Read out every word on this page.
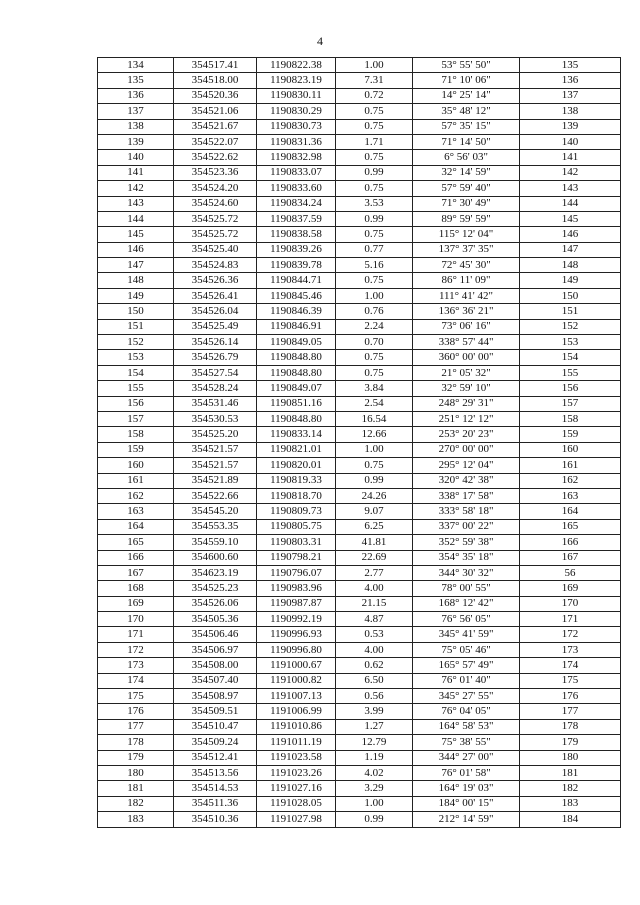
4
134	354517.41	1190822.38	1.00	53° 55' 50"	135
135	354518.00	1190823.19	7.31	71° 10' 06"	136
136	354520.36	1190830.11	0.72	14° 25' 14"	137
137	354521.06	1190830.29	0.75	35° 48' 12"	138
138	354521.67	1190830.73	0.75	57° 35' 15"	139
139	354522.07	1190831.36	1.71	71° 14' 50"	140
140	354522.62	1190832.98	0.75	6° 56' 03"	141
141	354523.36	1190833.07	0.99	32° 14' 59"	142
142	354524.20	1190833.60	0.75	57° 59' 40"	143
143	354524.60	1190834.24	3.53	71° 30' 49"	144
144	354525.72	1190837.59	0.99	89° 59' 59"	145
145	354525.72	1190838.58	0.75	115° 12' 04"	146
146	354525.40	1190839.26	0.77	137° 37' 35"	147
147	354524.83	1190839.78	5.16	72° 45' 30"	148
148	354526.36	1190844.71	0.75	86° 11' 09"	149
149	354526.41	1190845.46	1.00	111° 41' 42"	150
150	354526.04	1190846.39	0.76	136° 36' 21"	151
151	354525.49	1190846.91	2.24	73° 06' 16"	152
152	354526.14	1190849.05	0.70	338° 57' 44"	153
153	354526.79	1190848.80	0.75	360° 00' 00"	154
154	354527.54	1190848.80	0.75	21° 05' 32"	155
155	354528.24	1190849.07	3.84	32° 59' 10"	156
156	354531.46	1190851.16	2.54	248° 29' 31"	157
157	354530.53	1190848.80	16.54	251° 12' 12"	158
158	354525.20	1190833.14	12.66	253° 20' 23"	159
159	354521.57	1190821.01	1.00	270° 00' 00"	160
160	354521.57	1190820.01	0.75	295° 12' 04"	161
161	354521.89	1190819.33	0.99	320° 42' 38"	162
162	354522.66	1190818.70	24.26	338° 17' 58"	163
163	354545.20	1190809.73	9.07	333° 58' 18"	164
164	354553.35	1190805.75	6.25	337° 00' 22"	165
165	354559.10	1190803.31	41.81	352° 59' 38"	166
166	354600.60	1190798.21	22.69	354° 35' 18"	167
167	354623.19	1190796.07	2.77	344° 30' 32"	56
168	354525.23	1190983.96	4.00	78° 00' 55"	169
169	354526.06	1190987.87	21.15	168° 12' 42"	170
170	354505.36	1190992.19	4.87	76° 56' 05"	171
171	354506.46	1190996.93	0.53	345° 41' 59"	172
172	354506.97	1190996.80	4.00	75° 05' 46"	173
173	354508.00	1191000.67	0.62	165° 57' 49"	174
174	354507.40	1191000.82	6.50	76° 01' 40"	175
175	354508.97	1191007.13	0.56	345° 27' 55"	176
176	354509.51	1191006.99	3.99	76° 04' 05"	177
177	354510.47	1191010.86	1.27	164° 58' 53"	178
178	354509.24	1191011.19	12.79	75° 38' 55"	179
179	354512.41	1191023.58	1.19	344° 27' 00"	180
180	354513.56	1191023.26	4.02	76° 01' 58"	181
181	354514.53	1191027.16	3.29	164° 19' 03"	182
182	354511.36	1191028.05	1.00	184° 00' 15"	183
183	354510.36	1191027.98	0.99	212° 14' 59"	184
